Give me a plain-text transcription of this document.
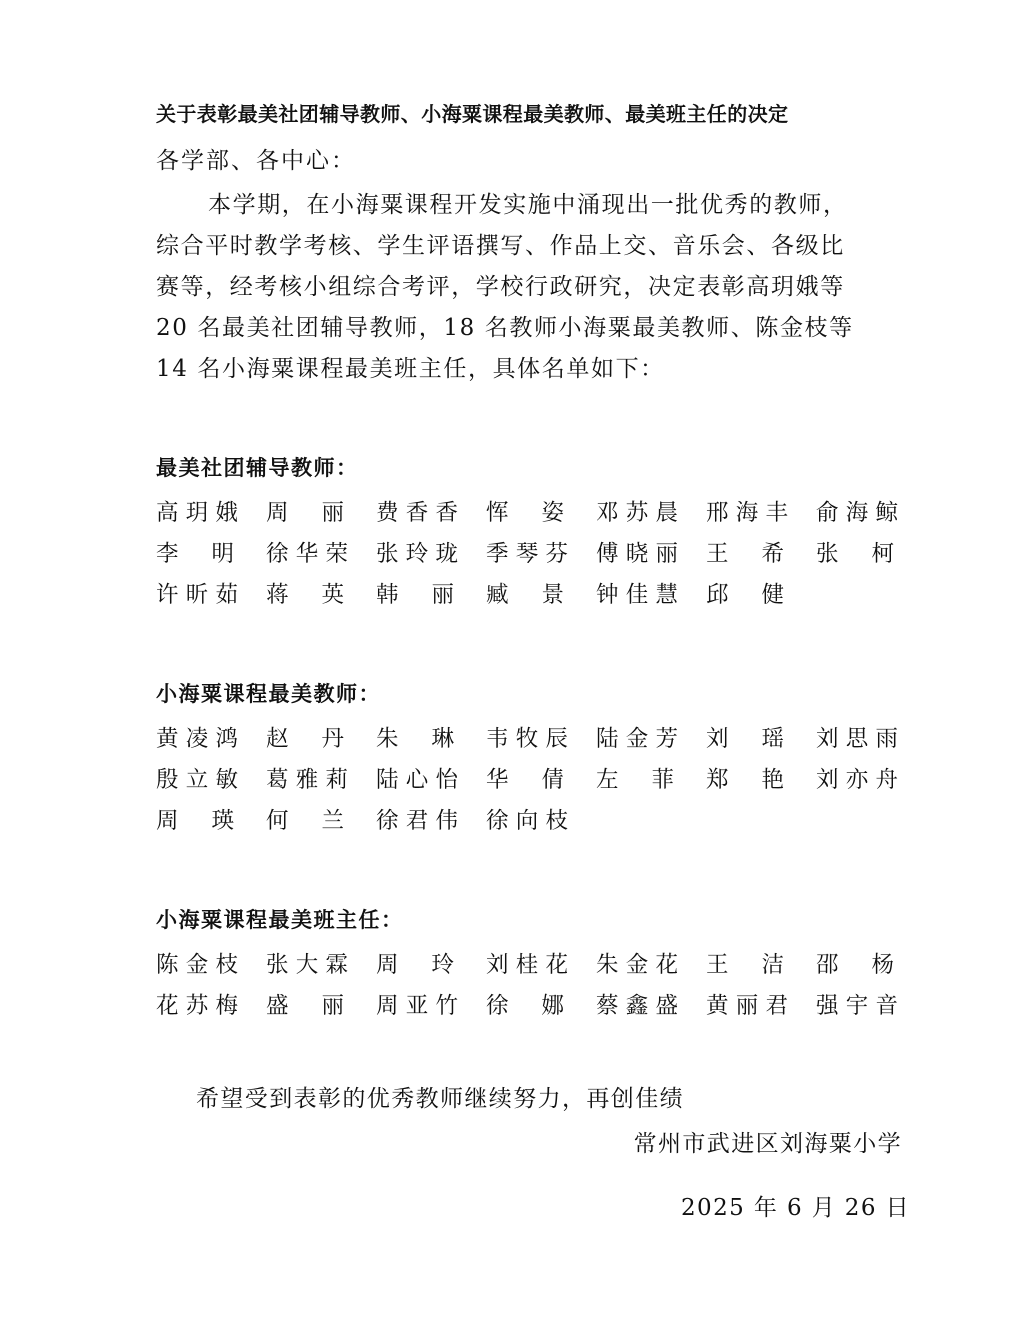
关于表彰最美社团辅导教师、小海粟课程最美教师、最美班主任的决定
各学部、各中心：
本学期，在小海粟课程开发实施中涌现出一批优秀的教师，
综合平时教学考核、学生评语撰写、作品上交、音乐会、各级比
赛等，经考核小组综合考评，学校行政研究，决定表彰高玥娥等
20 名最美社团辅导教师，18 名教师小海粟最美教师、陈金枝等
14 名小海粟课程最美班主任，具体名单如下：
最美社团辅导教师：
高 玥 娥 周 丽 费 香 香 恽 姿 邓 苏 晨 邢 海 丰 俞 海 鲸
李 明 徐 华 荣 张 玲 珑 季 琴 芬 傅 晓 丽 王 希 张 柯
许 昕 茹 蒋 英 韩 丽 臧 景 钟 佳 慧 邱 健
小海粟课程最美教师：
黄 凌 鸿 赵 丹 朱 琳 韦 牧 辰 陆 金 芳 刘 瑶 刘 思 雨
殷 立 敏 葛 雅 莉 陆 心 怡 华 倩 左 菲 郑 艳 刘 亦 舟
周 瑛 何 兰 徐 君 伟 徐 向 枝
小海粟课程最美班主任：
陈 金 枝 张 大 霖 周 玲 刘 桂 花 朱 金 花 王 洁 邵 杨
花 苏 梅 盛 丽 周 亚 竹 徐 娜 蔡 鑫 盛 黄 丽 君 强 宇 音
希望受到表彰的优秀教师继续努力，再创佳绩
常州市武进区刘海粟小学
2025 年 6 月 26 日
